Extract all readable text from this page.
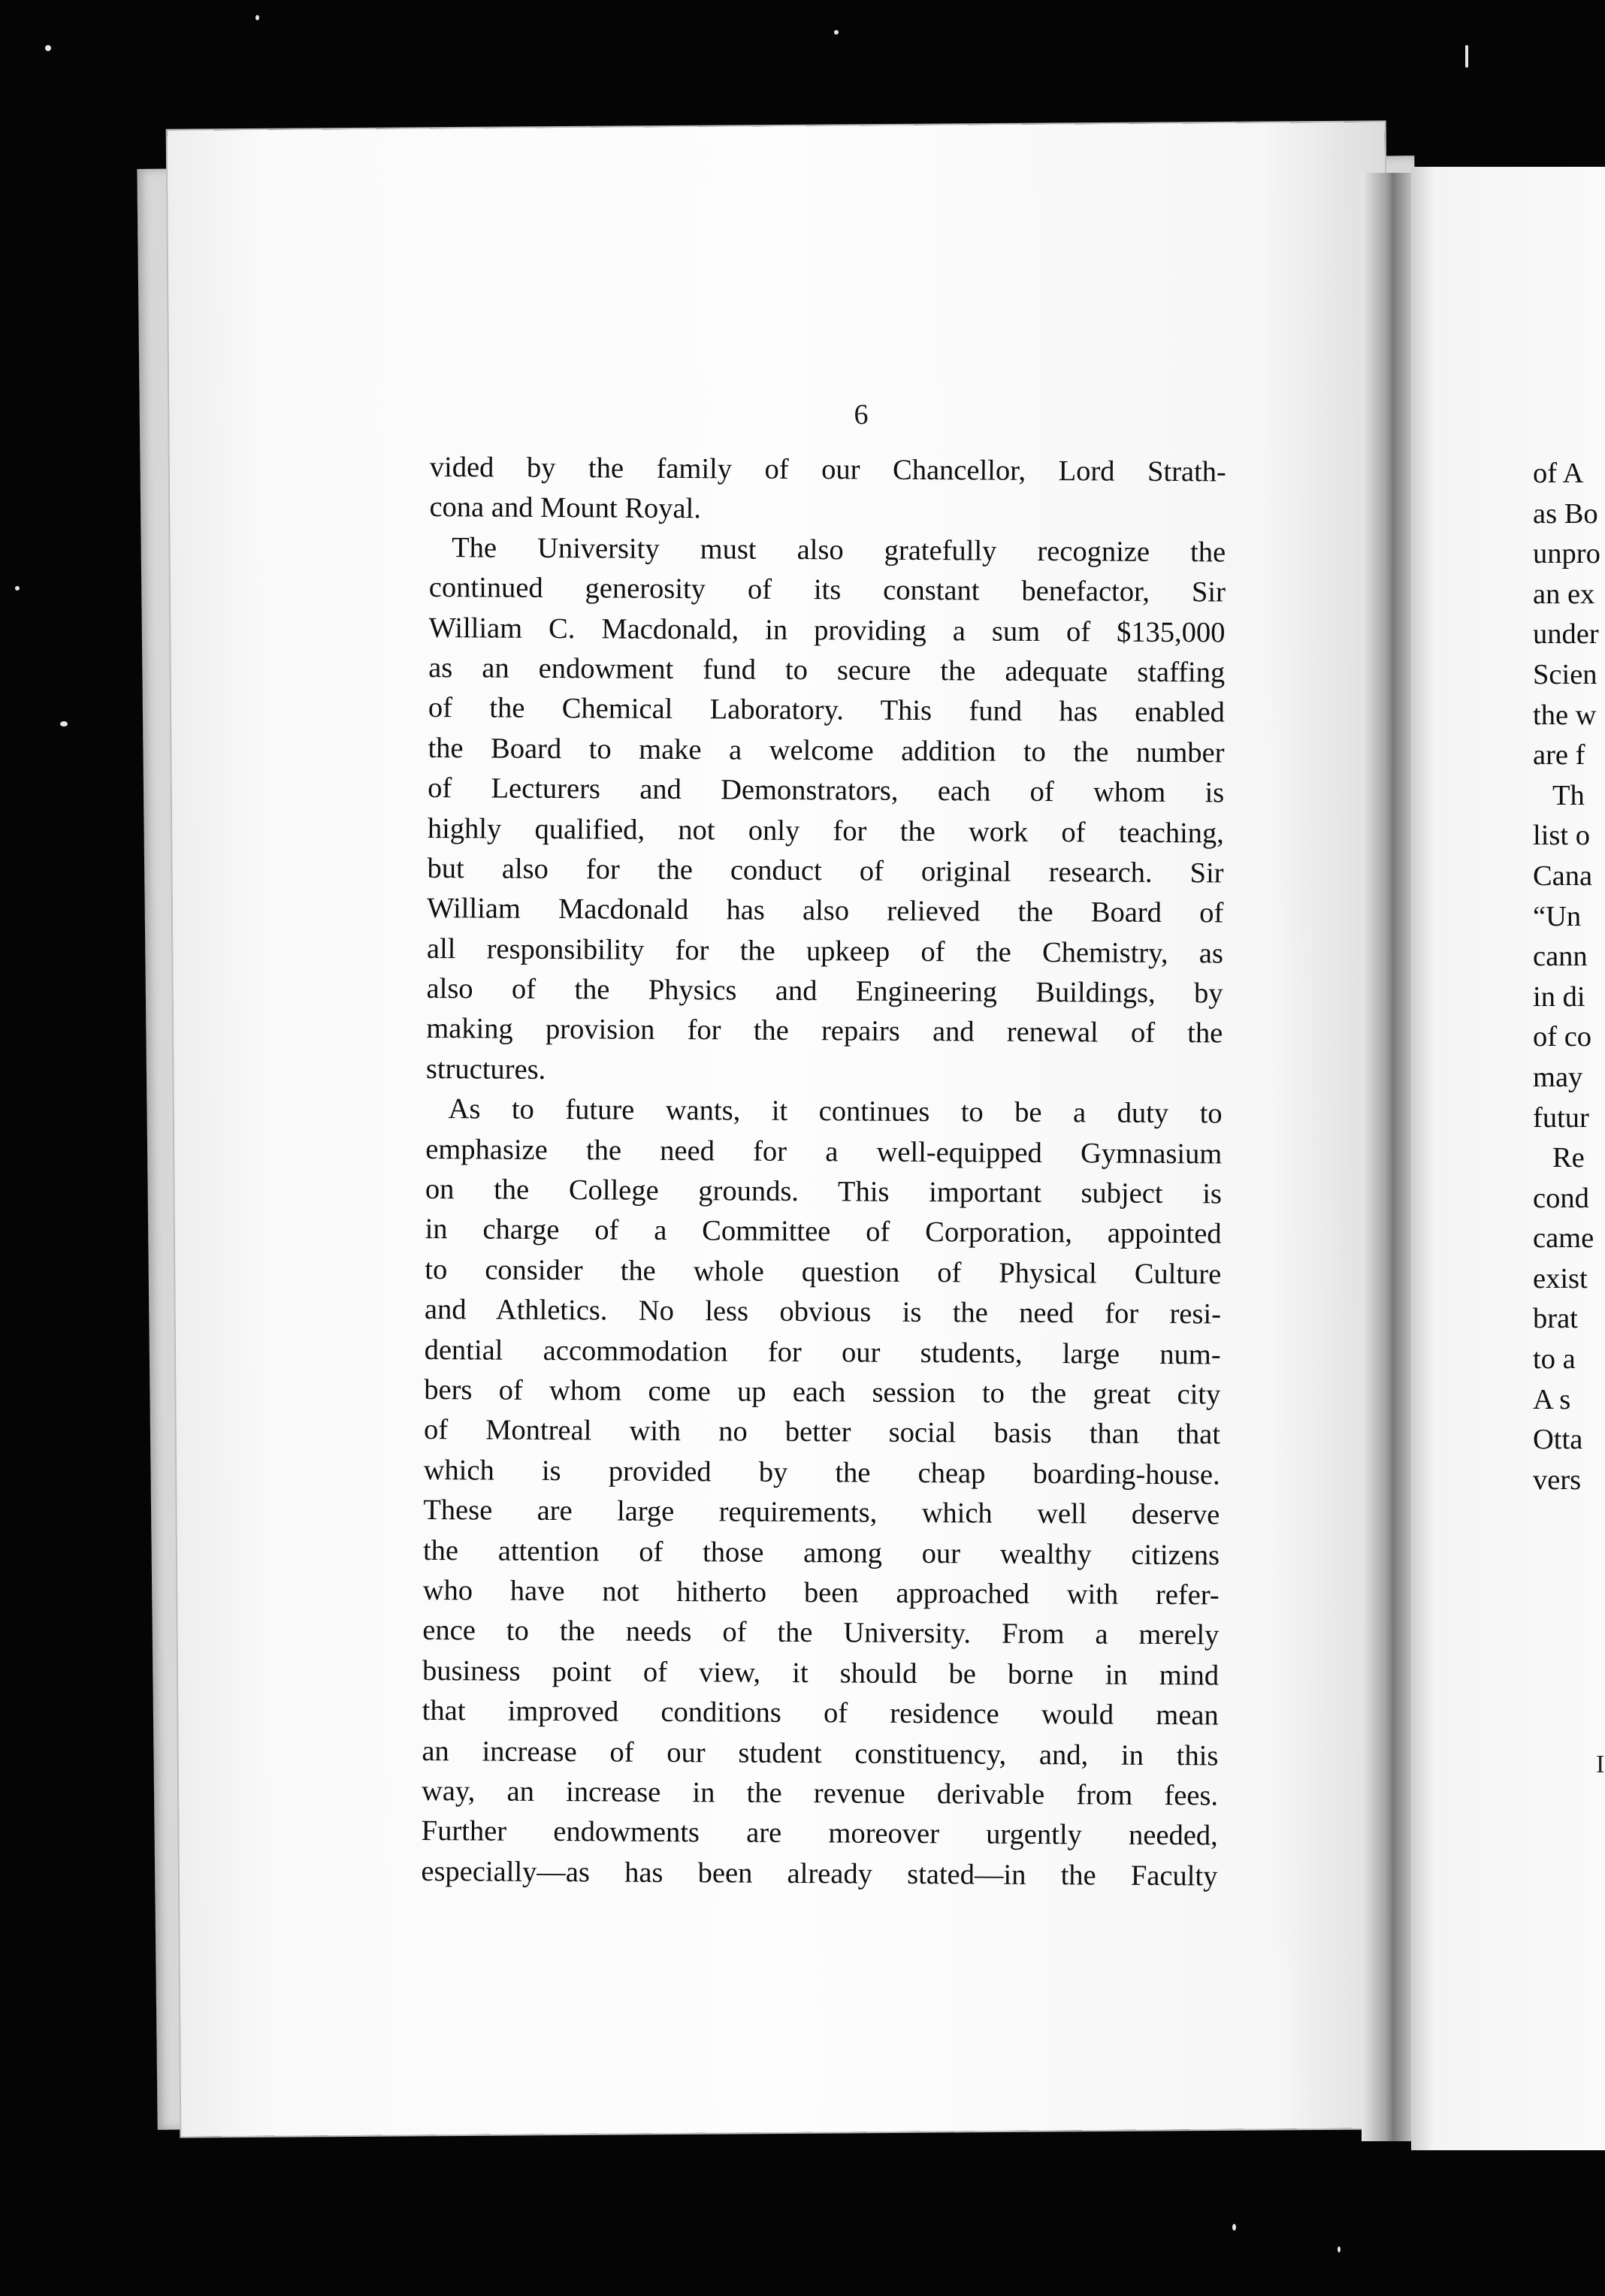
6
vided by the family of our Chancellor, Lord Strath-
cona and Mount Royal.
The University must also gratefully recognize the
continued generosity of its constant benefactor, Sir
William C. Macdonald, in providing a sum of $135,000
as an endowment fund to secure the adequate staffing
of the Chemical Laboratory. This fund has enabled
the Board to make a welcome addition to the number
of Lecturers and Demonstrators, each of whom is
highly qualified, not only for the work of teaching,
but also for the conduct of original research. Sir
William Macdonald has also relieved the Board of
all responsibility for the upkeep of the Chemistry, as
also of the Physics and Engineering Buildings, by
making provision for the repairs and renewal of the
structures.
As to future wants, it continues to be a duty to
emphasize the need for a well-equipped Gymnasium
on the College grounds. This important subject is
in charge of a Committee of Corporation, appointed
to consider the whole question of Physical Culture
and Athletics. No less obvious is the need for resi-
dential accommodation for our students, large num-
bers of whom come up each session to the great city
of Montreal with no better social basis than that
which is provided by the cheap boarding-house.
These are large requirements, which well deserve
the attention of those among our wealthy citizens
who have not hitherto been approached with refer-
ence to the needs of the University. From a merely
business point of view, it should be borne in mind
that improved conditions of residence would mean
an increase of our student constituency, and, in this
way, an increase in the revenue derivable from fees.
Further endowments are moreover urgently needed,
especially—as has been already stated—in the Faculty
of A
as Bo
unpro
an ex
under
Scien
the w
are f
Th
list o
Cana
“Un
cann
in di
of co
may
futur
Re
cond
came
exist
brat
to a
A s
Otta
vers
I
